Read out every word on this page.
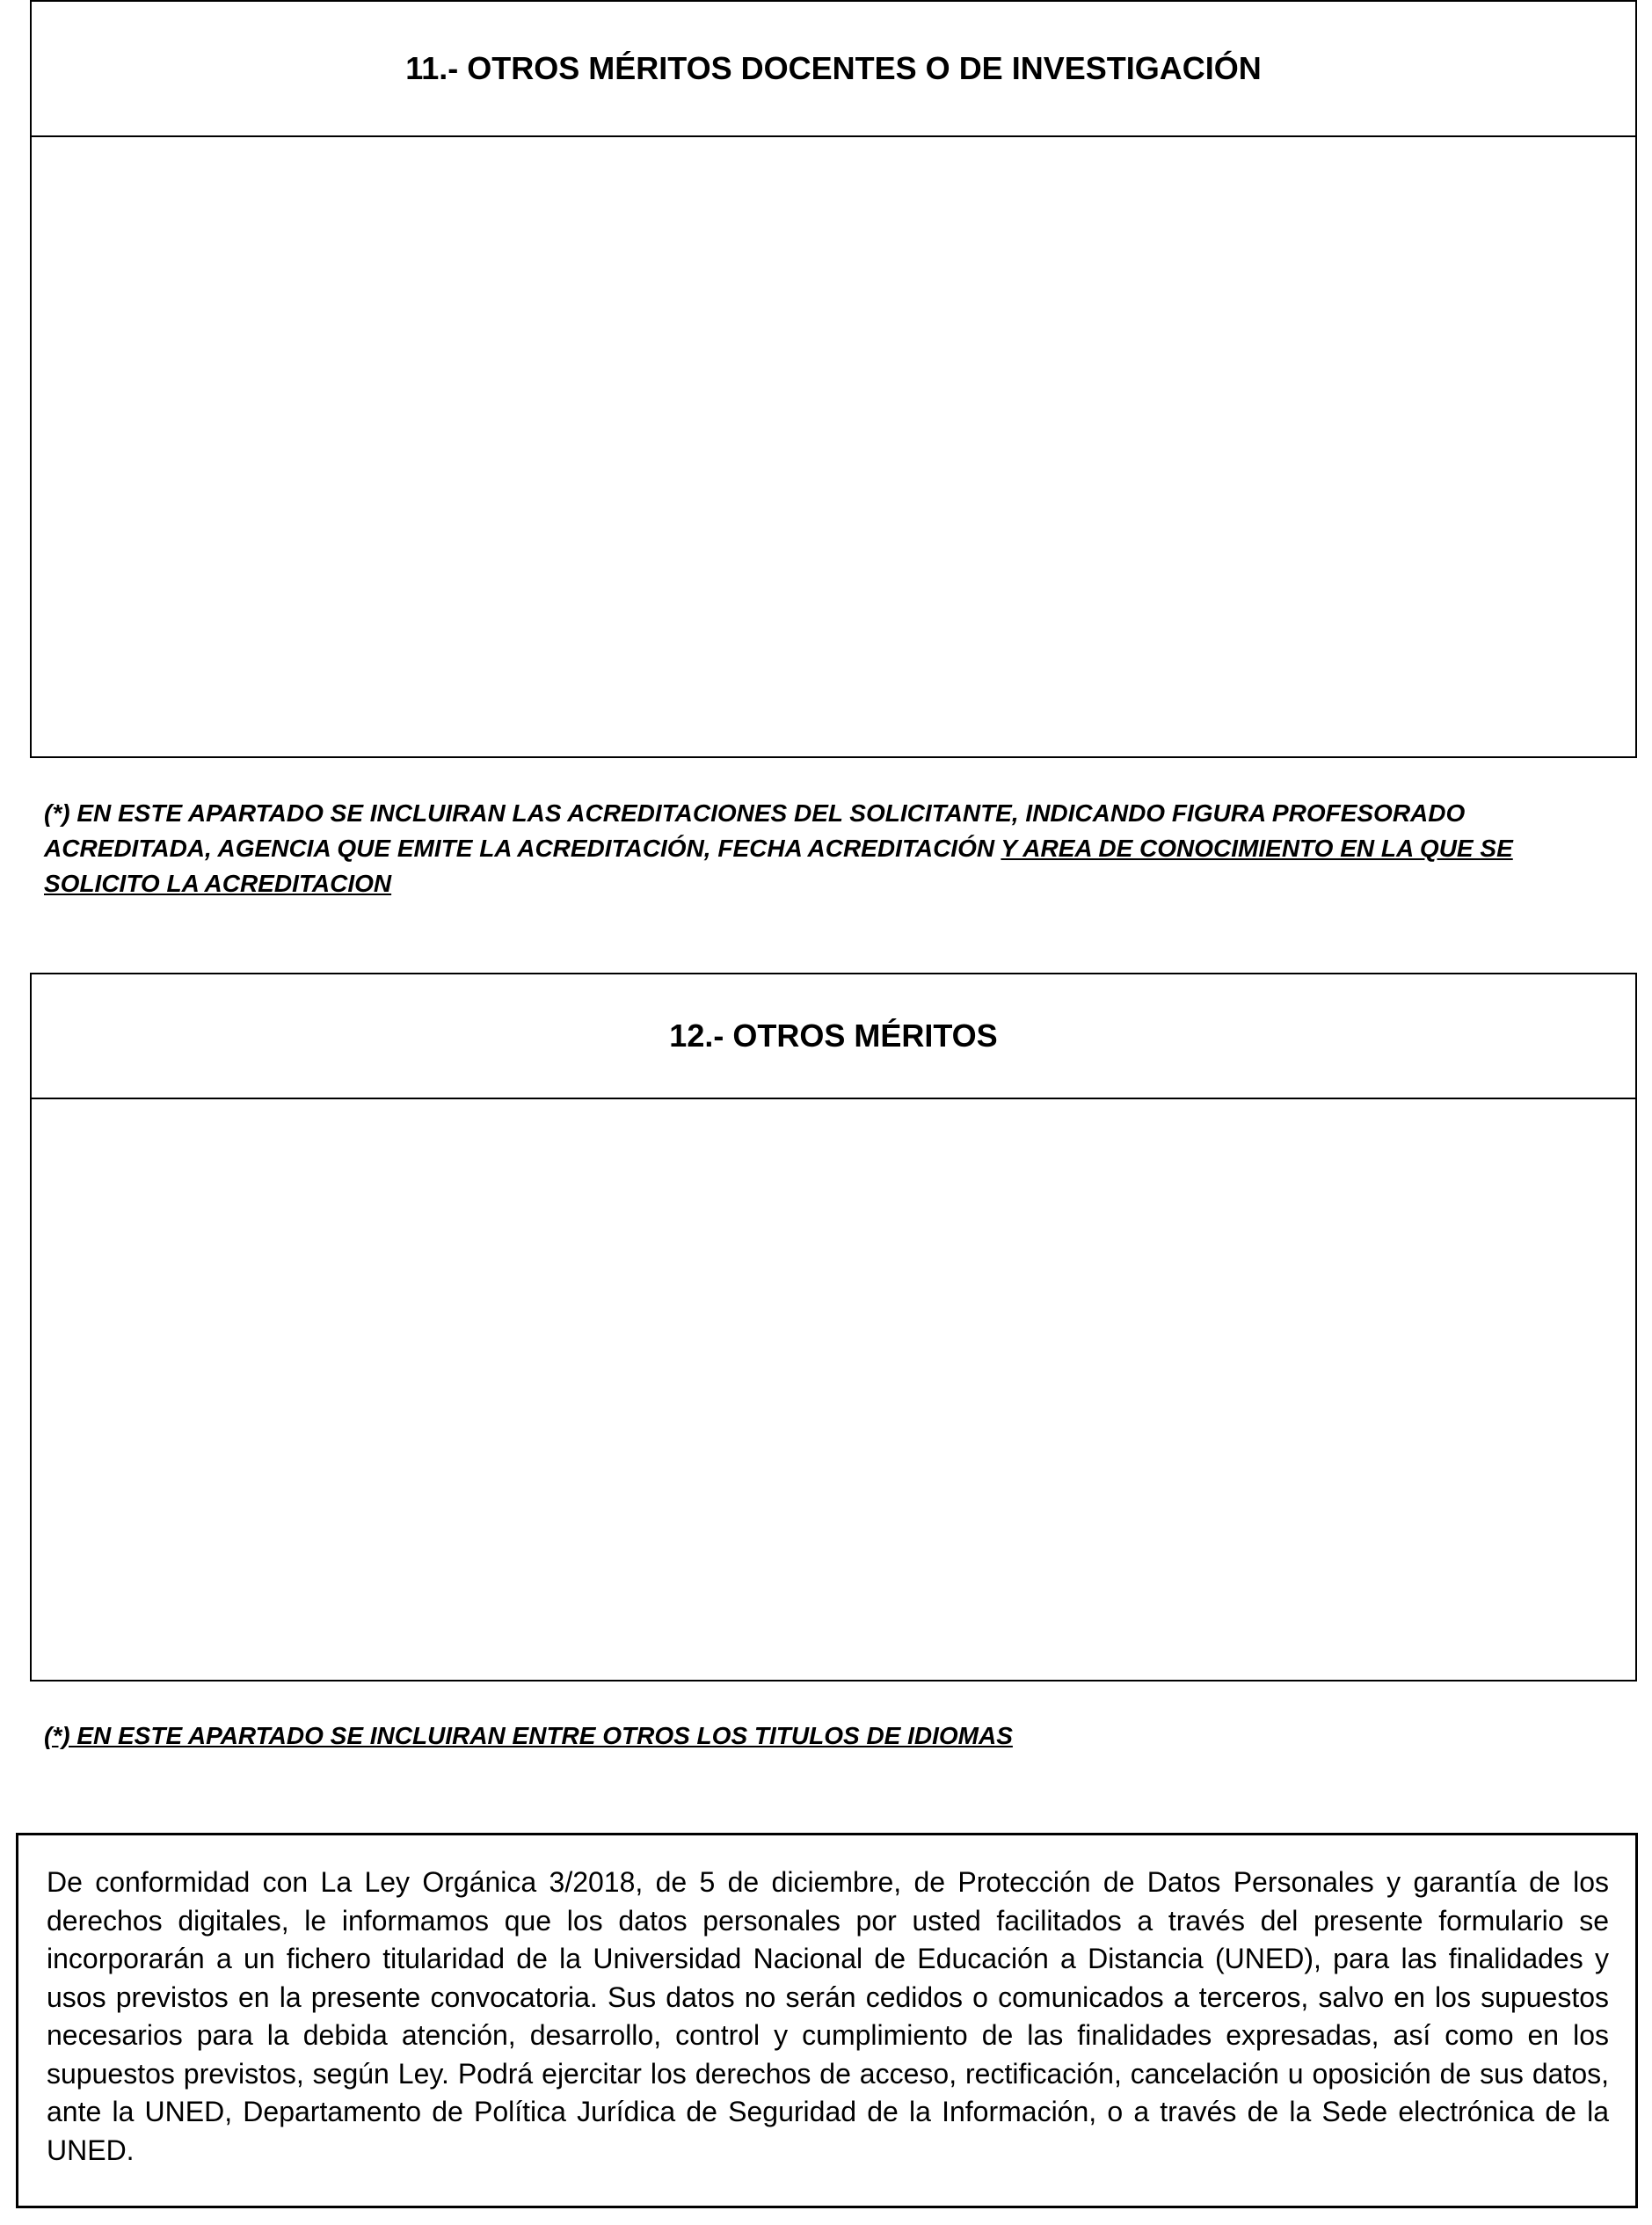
11.- OTROS MÉRITOS DOCENTES O DE INVESTIGACIÓN
(*) EN ESTE APARTADO SE INCLUIRAN LAS ACREDITACIONES DEL SOLICITANTE, INDICANDO FIGURA PROFESORADO ACREDITADA, AGENCIA QUE EMITE LA ACREDITACIÓN, FECHA ACREDITACIÓN Y AREA DE CONOCIMIENTO EN LA QUE SE SOLICITO LA ACREDITACION
12.- OTROS MÉRITOS
(*) EN ESTE APARTADO SE INCLUIRAN ENTRE OTROS LOS TITULOS DE IDIOMAS

De conformidad con La Ley Orgánica 3/2018, de 5 de diciembre, de Protección de Datos Personales y garantía de los derechos digitales, le informamos que los datos personales por usted facilitados a través del presente formulario se incorporarán a un fichero titularidad de la Universidad Nacional de Educación a Distancia (UNED), para las finalidades y usos previstos en la presente convocatoria. Sus datos no serán cedidos o comunicados a terceros, salvo en los supuestos necesarios para la debida atención, desarrollo, control y cumplimiento de las finalidades expresadas, así como en los supuestos previstos, según Ley. Podrá ejercitar los derechos de acceso, rectificación, cancelación u oposición de sus datos, ante la UNED, Departamento de Política Jurídica de Seguridad de la Información, o a través de la Sede electrónica de la UNED.
